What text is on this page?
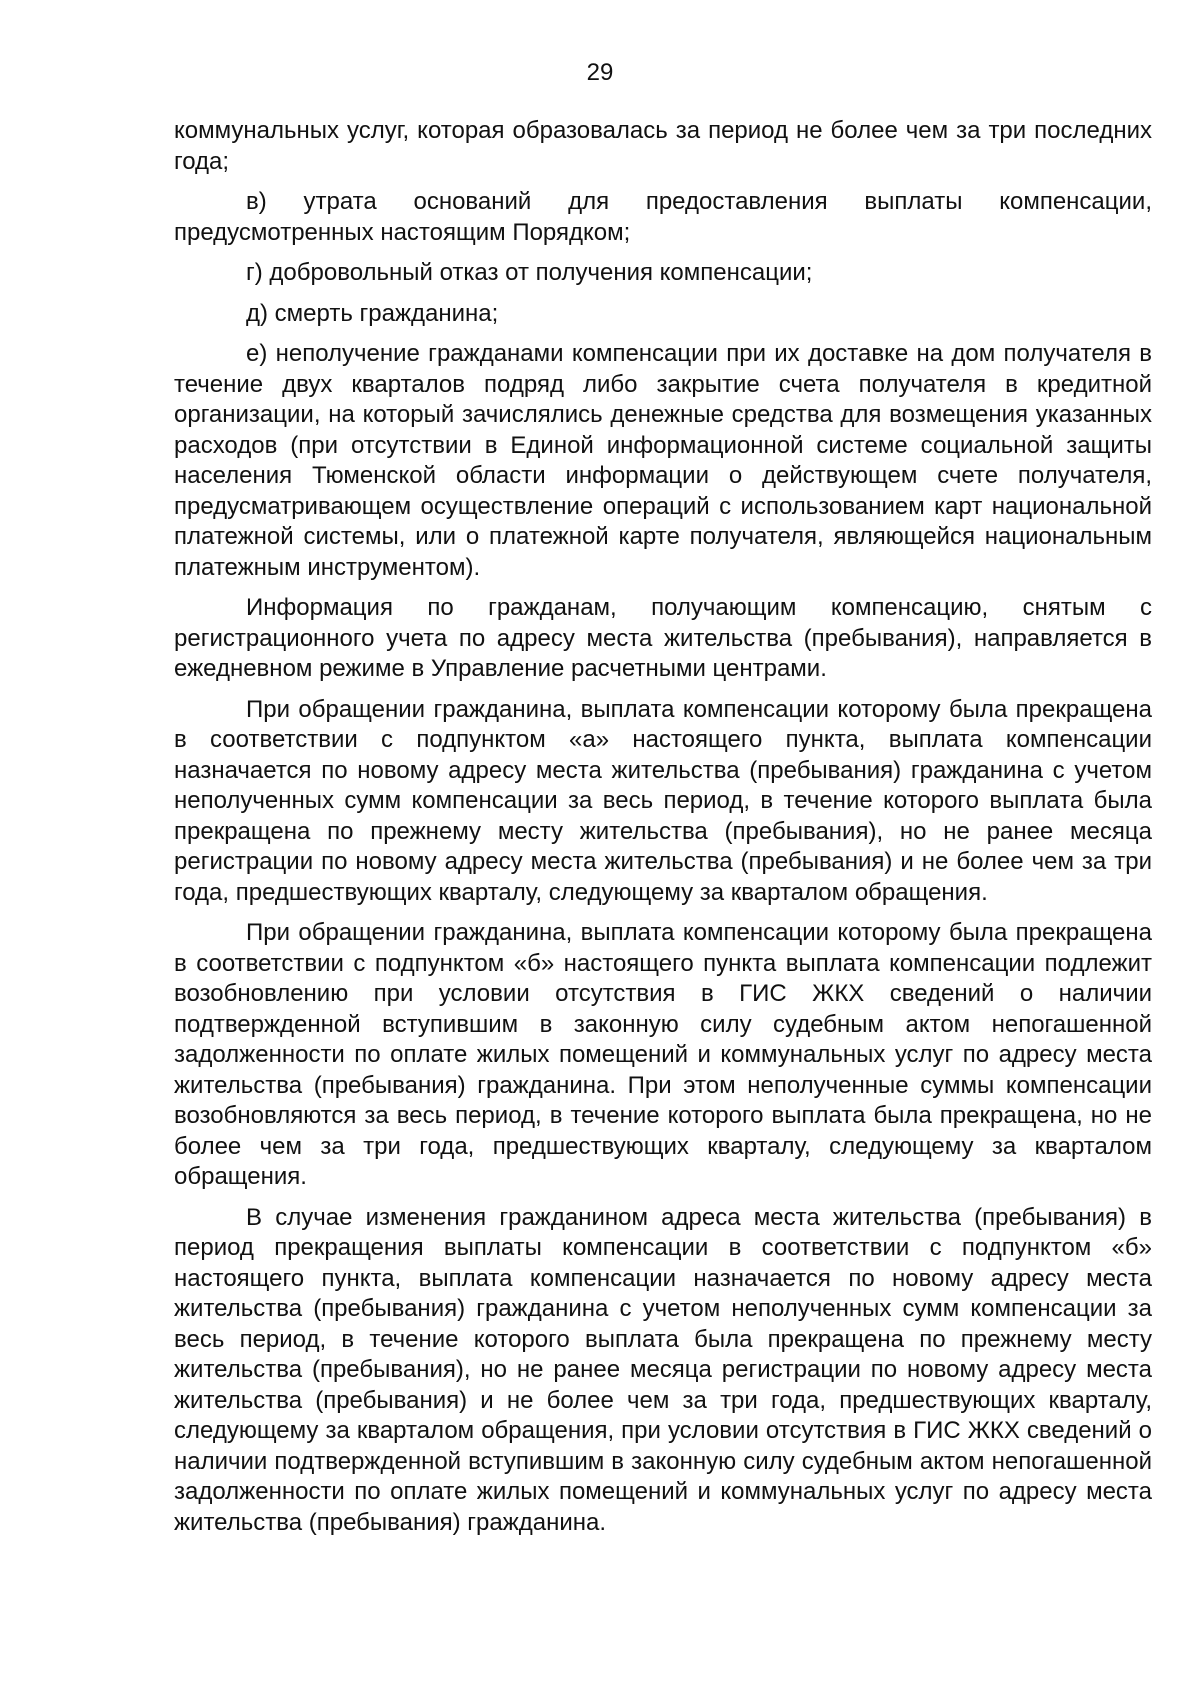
29

коммунальных услуг, которая образовалась за период не более чем за три последних года;

в) утрата оснований для предоставления выплаты компенсации, предусмотренных настоящим Порядком;

г) добровольный отказ от получения компенсации;

д) смерть гражданина;

е) неполучение гражданами компенсации при их доставке на дом получателя в течение двух кварталов подряд либо закрытие счета получателя в кредитной организации, на который зачислялись денежные средства для возмещения указанных расходов (при отсутствии в Единой информационной системе социальной защиты населения Тюменской области информации о действующем счете получателя, предусматривающем осуществление операций с использованием карт национальной платежной системы, или о платежной карте получателя, являющейся национальным платежным инструментом).

Информация по гражданам, получающим компенсацию, снятым с регистрационного учета по адресу места жительства (пребывания), направляется в ежедневном режиме в Управление расчетными центрами.

При обращении гражданина, выплата компенсации которому была прекращена в соответствии с подпунктом «а» настоящего пункта, выплата компенсации назначается по новому адресу места жительства (пребывания) гражданина с учетом неполученных сумм компенсации за весь период, в течение которого выплата была прекращена по прежнему месту жительства (пребывания), но не ранее месяца регистрации по новому адресу места жительства (пребывания) и не более чем за три года, предшествующих кварталу, следующему за кварталом обращения.

При обращении гражданина, выплата компенсации которому была прекращена в соответствии с подпунктом «б» настоящего пункта выплата компенсации подлежит возобновлению при условии отсутствия в ГИС ЖКХ сведений о наличии подтвержденной вступившим в законную силу судебным актом непогашенной задолженности по оплате жилых помещений и коммунальных услуг по адресу места жительства (пребывания) гражданина. При этом неполученные суммы компенсации возобновляются за весь период, в течение которого выплата была прекращена, но не более чем за три года, предшествующих кварталу, следующему за кварталом обращения.

В случае изменения гражданином адреса места жительства (пребывания) в период прекращения выплаты компенсации в соответствии с подпунктом «б» настоящего пункта, выплата компенсации назначается по новому адресу места жительства (пребывания) гражданина с учетом неполученных сумм компенсации за весь период, в течение которого выплата была прекращена по прежнему месту жительства (пребывания), но не ранее месяца регистрации по новому адресу места жительства (пребывания) и не более чем за три года, предшествующих кварталу, следующему за кварталом обращения, при условии отсутствия в ГИС ЖКХ сведений о наличии подтвержденной вступившим в законную силу судебным актом непогашенной задолженности по оплате жилых помещений и коммунальных услуг по адресу места жительства (пребывания) гражданина.
